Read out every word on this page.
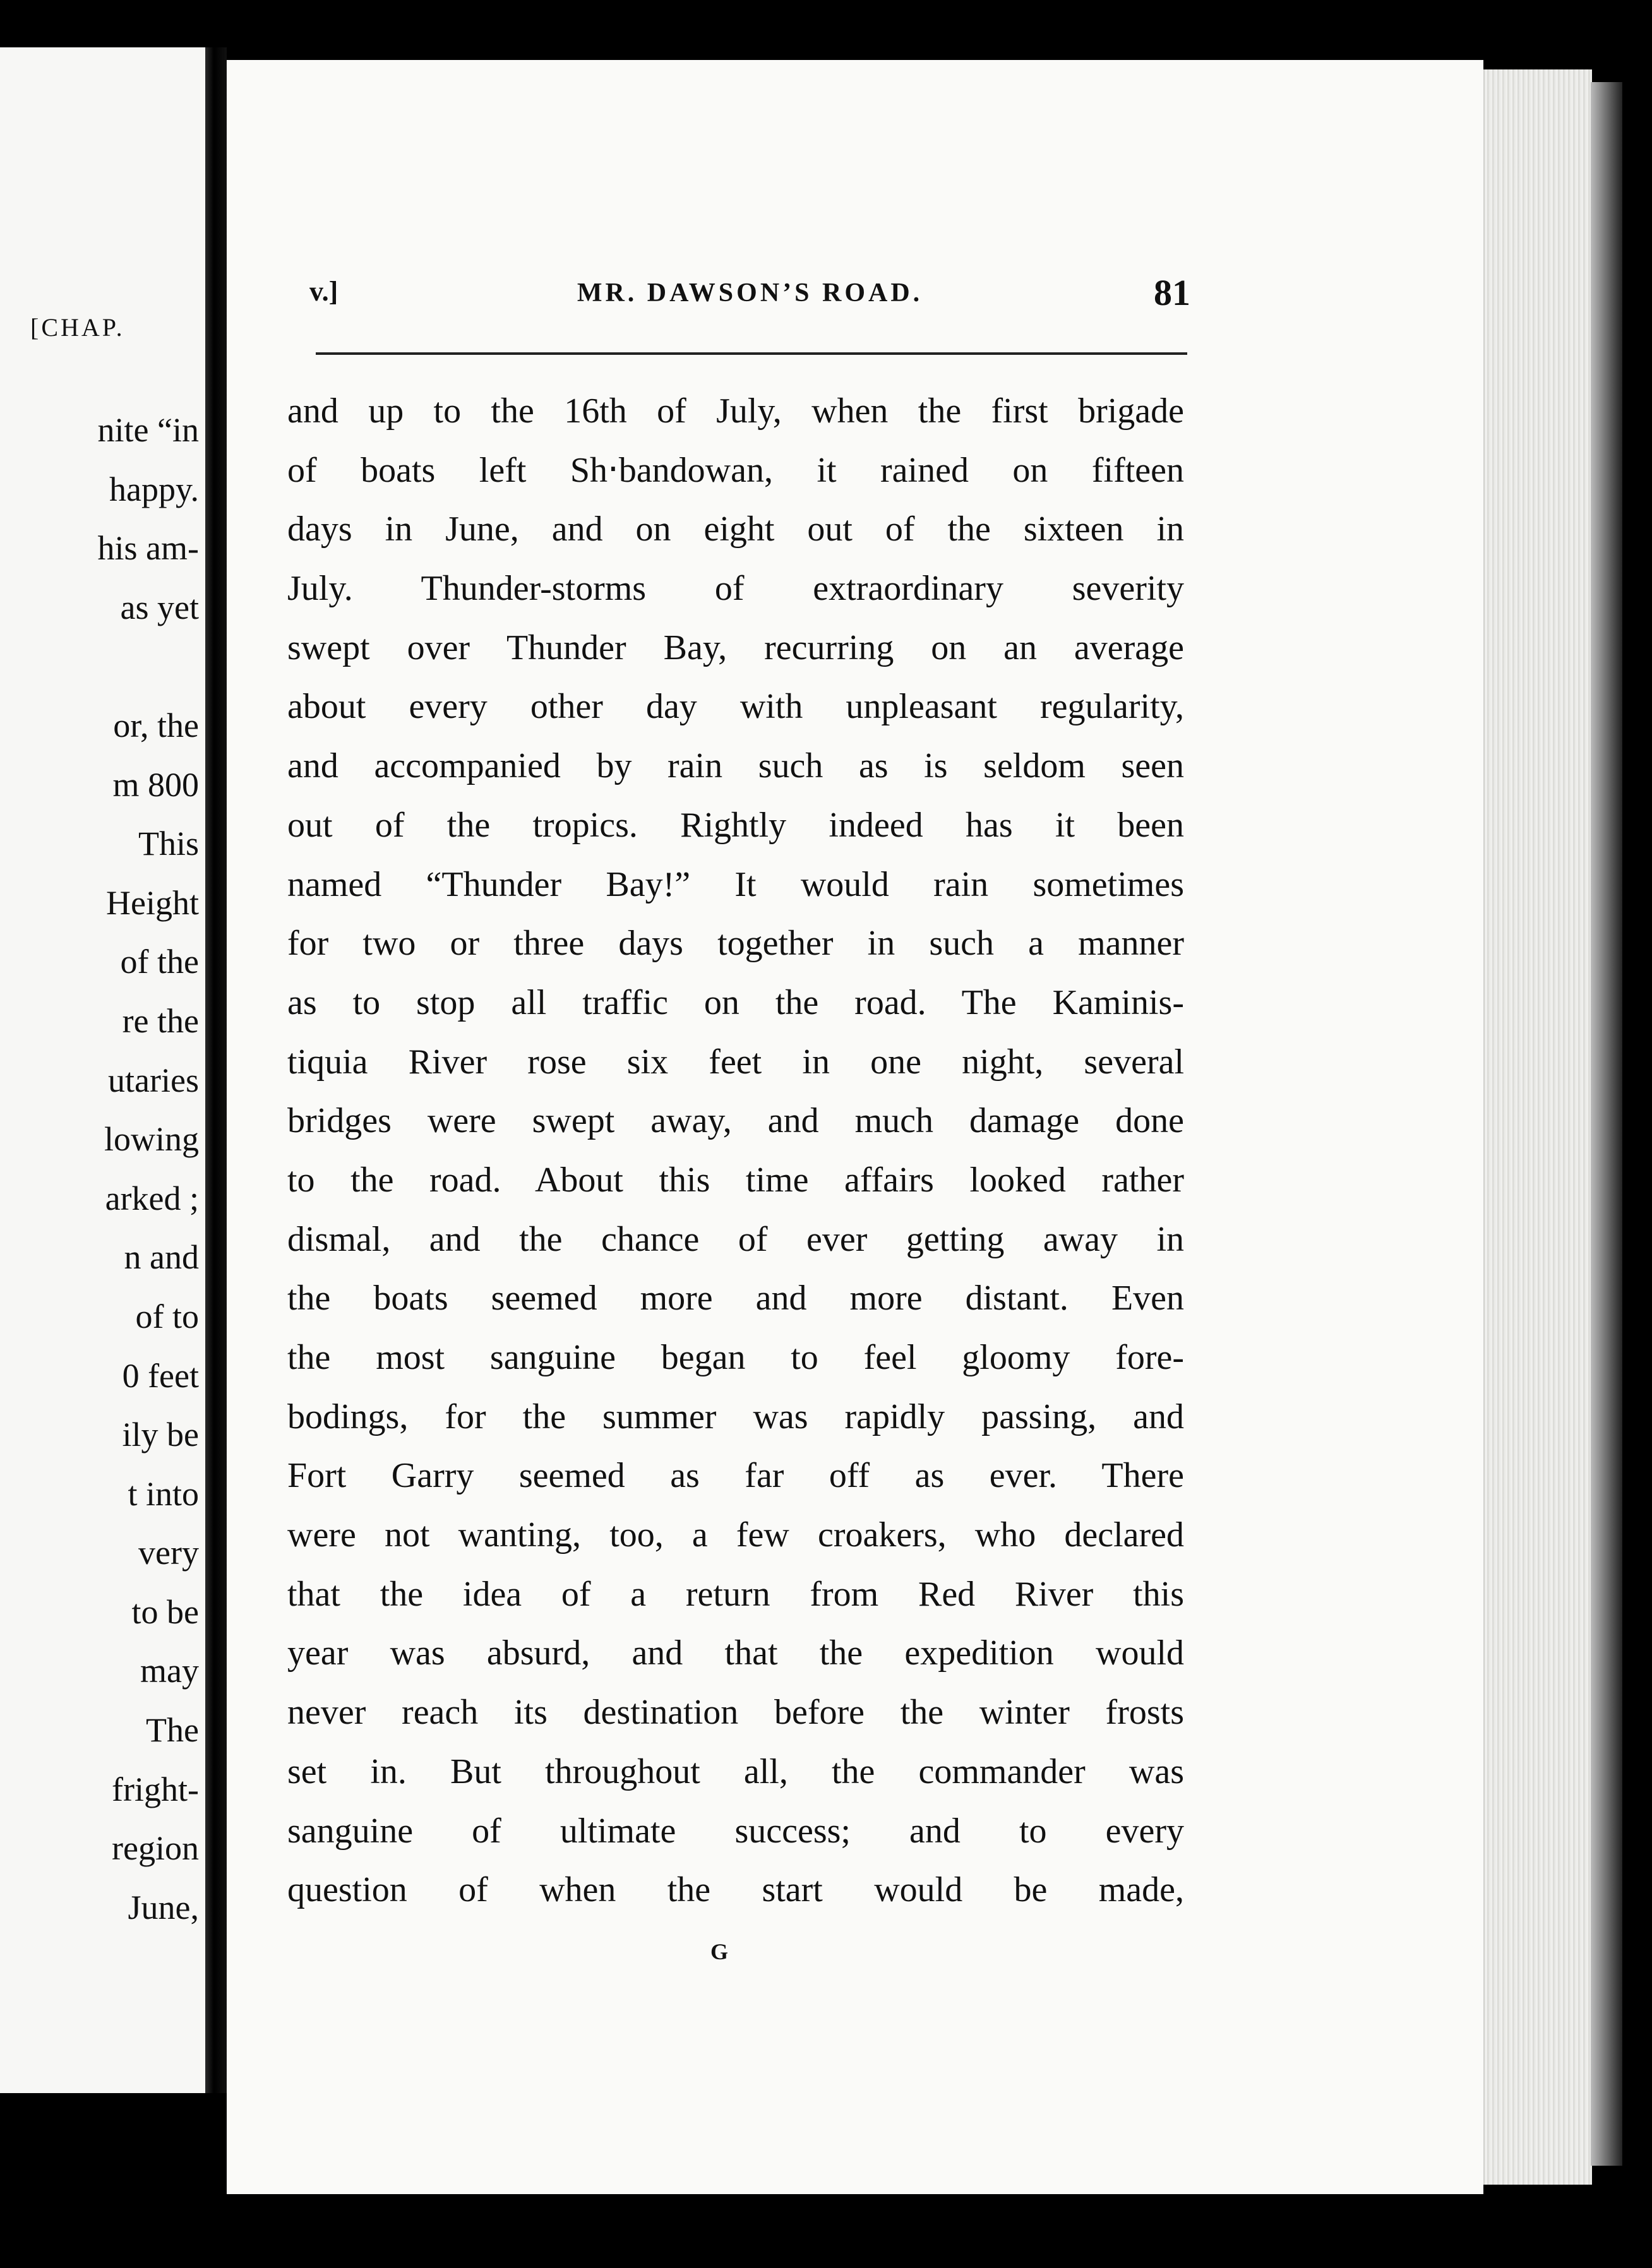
[CHAP.
nite “in
happy.
his am-
as yet
or, the
m 800
This
Height
of the
re the
utaries
lowing
arked ;
n and
of to
0 feet
ily be
t into
very
to be
may
The
fright-
region
June,
v.]	MR. DAWSON’S ROAD.	81
and up to the 16th of July, when the first brigade
of boats left Sh‧bandowan, it rained on fifteen
days in June, and on eight out of the sixteen in
July. Thunder-storms of extraordinary severity
swept over Thunder Bay, recurring on an average
about every other day with unpleasant regularity,
and accompanied by rain such as is seldom seen
out of the tropics. Rightly indeed has it been
named “Thunder Bay!” It would rain sometimes
for two or three days together in such a manner
as to stop all traffic on the road. The Kaminis-
tiquia River rose six feet in one night, several
bridges were swept away, and much damage done
to the road. About this time affairs looked rather
dismal, and the chance of ever getting away in
the boats seemed more and more distant. Even
the most sanguine began to feel gloomy fore-
bodings, for the summer was rapidly passing, and
Fort Garry seemed as far off as ever. There
were not wanting, too, a few croakers, who declared
that the idea of a return from Red River this
year was absurd, and that the expedition would
never reach its destination before the winter frosts
set in. But throughout all, the commander was
sanguine of ultimate success; and to every
question of when the start would be made,
G
